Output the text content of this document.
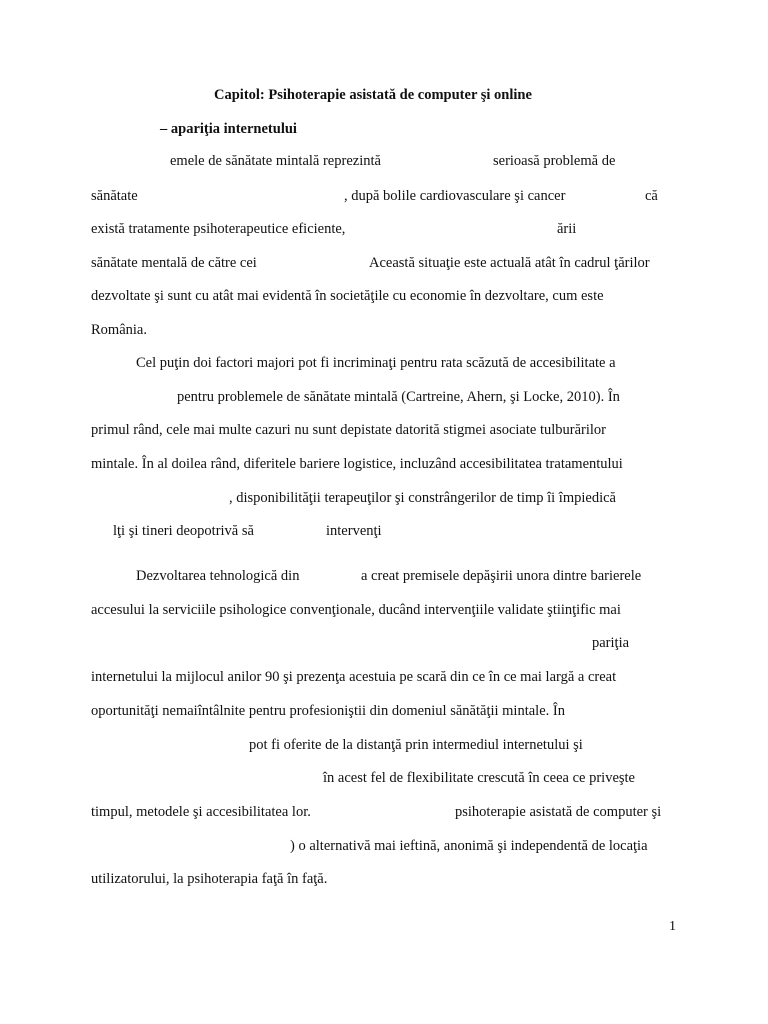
Capitol: Psihoterapie asistată de computer şi online
– apariţia internetului
emele de sănătate mintală reprezintă	serioasă problemă de
sănătate	, după bolile cardiovasculare şi cancer	că
există tratamente psihoterapeutice eficiente,	ării
sănătate mentală de către cei	Această situaţie este actuală atât în cadrul ţărilor
dezvoltate şi sunt cu atât mai evidentă în societăţile cu economie în dezvoltare, cum este
România.
Cel puţin doi factori majori pot fi incriminaţi pentru rata scăzută de accesibilitate a
pentru problemele de sănătate mintală (Cartreine, Ahern, şi Locke, 2010). În
primul rând, cele mai multe cazuri nu sunt depistate datorită stigmei asociate tulburărilor
mintale. În al doilea rând, diferitele bariere logistice, incluzând accesibilitatea tratamentului
, disponibilităţii terapeuţilor şi constrângerilor de timp îi împiedică
lţi şi tineri deopotrivă să	intervenţi
Dezvoltarea tehnologică din	a creat premisele depăşirii unora dintre barierele
accesului la serviciile psihologice convenţionale, ducând intervenţiile validate ştiinţific mai
pariţia
internetului la mijlocul anilor 90 şi prezenţa acestuia pe scară din ce în ce mai largă a creat
oportunităţi nemaiîntâlnite pentru profesioniştii din domeniul sănătăţii mintale. În
pot fi oferite de la distanţă prin intermediul internetului şi
în acest fel de flexibilitate crescută în ceea ce priveşte
timpul, metodele şi accesibilitatea lor.	psihoterapie asistată de computer şi
) o alternativă mai ieftină, anonimă şi independentă de locaţia
utilizatorului, la psihoterapia faţă în faţă.
1
